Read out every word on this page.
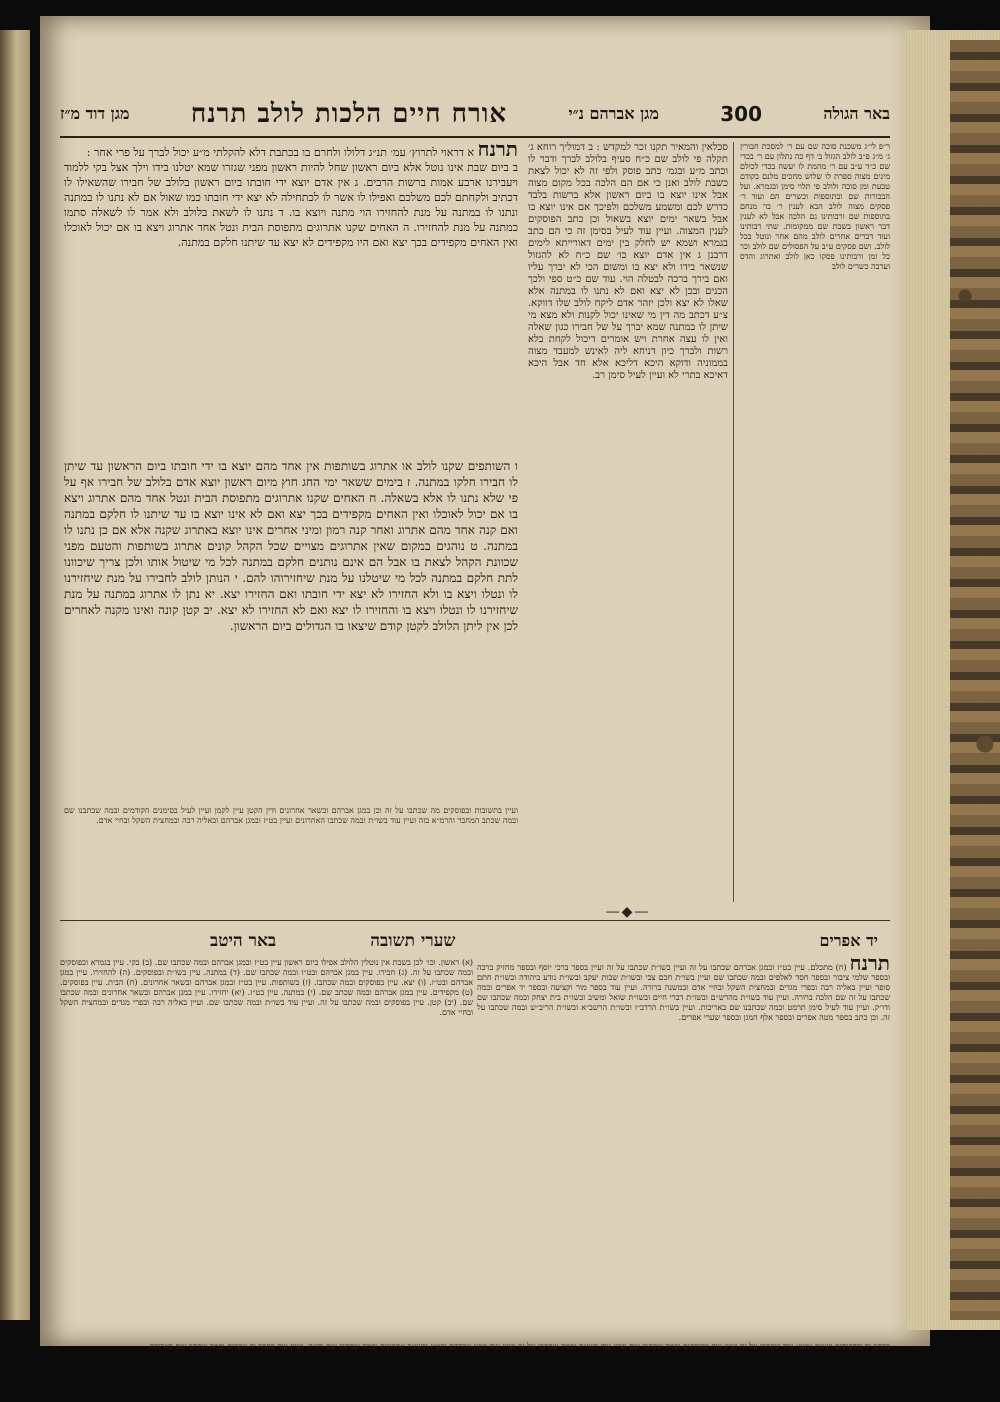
באר הגולה
300
מגן אברהם נ״י
אורח חיים הלכות לולב תרנח
מגן דוד מ״ז
ר״פ לי״ג משכנת סוכה שם עם ר׳ למסכת חבורין ג׳ מ״ג פ״ב לולב הגזול ב׳ דף כה נתלון עם ר׳ בכדי שם כ״ד ע״ב עם ר׳ מהמת לו יעשה בכדי לכולם מינים מצוה ספרת לו שלוש מחכים מלנם בקודם טבעת ומן סוכה ולולב פי תלוי סימן ובגמרא. ועל הבכורות שם ובתוספות וכשרים הם ועוד ר׳ פסקים מצוה לולב הבא לענין ר׳ בר מנחם בתוספות שם ורבותינו גם הלכה אבל לא לענין דבר ראשון בשבת שם ממקומות. שתי רבותינו ועוד דברים אחרים לולב מהם אחר ונוטל בכל לולב. ושם פסקים ע״ב על הפסולים שם לולב וכר כל זמן ורבותינו פסקו כאן לולב ואתרוג והדס וערבה כשרים לולב
סכלאין והמאיר תקנו זכר למקדש : ב דמוליך רוחא ג׳ תקלה פי לולב שם כ״ח סעיף בלולב לברך ודבר לו וכתב מ״ע ובגמ׳ כתב פוסק ולפי זה לא יכול לצאת כשבת לולב ואנן כי אם הם הלכה בכל מקום מצוה אבל אינו יוצא בו ביום ראשון אלא ברשות בלבד כדרש לכם ומשמע משלכם ולפיכך אם אינו יוצא בו אבל בשאר ימים יוצא בשאול וכן כתב הפוסקים לענין המצוה. ועיין עוד לעיל בסימן זה כי הם כתב בגמרא ושמא יש לחלק בין ימים דאורייתא לימים דרבנן ג אין אדם יוצא כו׳ שם כ״ח לא להגזול שנשאר בידו ולא יצא בו ומשום הכי לא יברך עליו ואם בירך ברכה לבטלה הוי. עוד שם כ״ט ספי ולכך הכנים ובכן לא יצא ואם לא נתנו לו במתנה אלא שאלו לא יצא ולכן יזהר אדם ליקח לולב שלו דווקא. צ״ע דכתב מה דין מי שאינו יכול לקנות ולא מצא מי שיתן לו במתנה שמא יברך על של חבירו כגון שאלה ואין לו עצה אחרת ויש אומרים דיכול לקחת בלא רשות ולברך כיון דניחא ליה לאינש למעבד מצוה בממוניה ודוקא היכא דליכא אלא חד אבל היכא דאיכא בתרי לא ועיין לעיל סימן רב.
תרנח א דראוי לתרוץ׳ עמ׳ תנ״ג דלולו ולחרם בו בכתבת דלא להקלתי מ״ע יכול לברך על פרי אחר :
ב ביום שבת אינו נוטל אלא ביום ראשון שחל להיות ראשון מפני שגזרו שמא יטלנו בידו וילך אצל בקי ללמוד ויעבירנו ארבע אמות ברשות הרבים. ג אין אדם יוצא ידי חובתו ביום ראשון בלולב של חבירו שהשאילו לו דכתיב ולקחתם לכם משלכם ואפילו לו אשר לו לכתחילה לא יצא ידי חובתו כמו שאול אם לא נתנו לו במתנה ונתנו לו במתנה על מנת להחזירו הוי מתנה ויוצא בו. ד נתנו לו לשאת בלולב ולא אמר לו לשאלה סתמו כמתנה על מנת להחזירו. ה האחים שקנו אתרוגים מתפוסת הבית ונטל אחד אתרוג ויצא בו אם יכול לאוכלו ואין האחים מקפידים בכך יצא ואם היו מקפידים לא יצא עד שיתנו חלקם במתנה.
ו השותפים שקנו לולב או אתרוג בשותפות אין אחד מהם יוצא בו ידי חובתו ביום הראשון עד שיתן לו חבירו חלקו במתנה. ז בימים ששאר ימי החג חוץ מיום ראשון יוצא אדם בלולב של חבירו אף על פי שלא נתנו לו אלא בשאלה. ח האחים שקנו אתרוגים מתפוסת הבית ונטל אחד מהם אתרוג ויצא בו אם יכול לאוכלו ואין האחים מקפידים בכך יצא ואם לא אינו יוצא בו עד שיתנו לו חלקם במתנה ואם קנה אחד מהם אתרוג ואחר קנה רמון ומיני אחרים אינו יוצא באתרוג שקנה אלא אם כן נתנו לו במתנה. ט נוהגים במקום שאין אתרוגים מצויים שכל הקהל קונים אתרוג בשותפות והטעם מפני שכוונת הקהל לצאת בו אבל הם אינם נותנים חלקם במתנה לכל מי שיטול אותו ולכן צריך שיכוונו לתת חלקם במתנה לכל מי שיטלנו על מנת שיחזירוהו להם. י הנותן לולב לחבירו על מנת שיחזירנו לו ונטלו ויצא בו ולא החזירו לא יצא ידי חובתו ואם החזירו יצא. יא נתן לו אתרוג במתנה על מנת שיחזירנו לו ונטלו ויצא בו והחזירו לו יצא ואם לא החזירו לא יצא. יב קטן קונה ואינו מקנה לאחרים לכן אין ליתן הלולב לקטן קודם שיצאו בו הגדולים ביום הראשון.
ועיין בתשובות ובפוסקים מה שכתבו על זה וכן במגן אברהם ובשאר אחרונים ודין הקטן עיין לקמן ועיין לעיל בסימנים הקודמים ובמה שכתבנו שם ובמה שכתב המחבר והרמ״א בזה ועיין עוד בשו״ת ובמה שכתבו האחרונים ועיין בט״ז ובמגן אברהם ובאליה רבה ובמחצית השקל ובחיי אדם.
—◆—
יד אפרים
שערי תשובה
באר היטב
תרנח (ח) מתכלם. עיין בט״ז ובמגן אברהם שכתבו על זה ועיין בשו״ת שכתבו על זה ועיין בספר ברכי יוסף ובספר מחזיק ברכה ובספר שלמי ציבור ובספר חסד לאלפים ובמה שכתבו שם ועיין בשו״ת חכם צבי ובשו״ת שבות יעקב ובשו״ת נודע ביהודה ובשו״ת חתם סופר ועיין באליה רבה ובפרי מגדים ובמחצית השקל ובחיי אדם ובמשנה ברורה. ועיין עוד בספר מור וקציעה ובספר יד אפרים ובמה שכתבו על זה שם הלכה ברורה. ועיין עוד בשו״ת מהרש״ם ובשו״ת דברי חיים ובשו״ת שואל ומשיב ובשו״ת בית יצחק ובמה שכתבו שם ודו״ק. ועיין עוד לעיל סימן תרמט ובמה שכתבנו שם באריכות. ועיין בשו״ת הרדב״ז ובשו״ת הרשב״א ובשו״ת הריב״ש ובמה שכתבו על זה. וכן כתב בספר מטה אפרים ובספר אלף המגן ובספר שערי אפרים.
(א) ראשון. וכו׳ לכן בשבת אין נוטלין הלולב אפילו ביום ראשון עיין בט״ז ובמגן אברהם ובמה שכתבו שם. (ב) בקי. עיין בגמרא ובפוסקים ובמה שכתבו על זה. (ג) חבירו. עיין במגן אברהם ובט״ז ובמה שכתבו שם. (ד) במתנה. עיין בשו״ת ובפוסקים. (ה) להחזירו. עיין במגן אברהם ובט״ז. (ו) יצא. עיין בפוסקים ובמה שכתבו. (ז) בשותפות. עיין בט״ז ובמגן אברהם ובשאר אחרונים. (ח) הבית. עיין בפוסקים. (ט) מקפידים. עיין במגן אברהם ובמה שכתב שם. (י) במתנה. עיין בט״ז. (יא) יחזירו. עיין במגן אברהם ובשאר אחרונים ובמה שכתבו שם. (יב) קטן. עיין בפוסקים ובמה שכתבו על זה. ועיין עוד בשו״ת ובמה שכתבו שם. ועיין באליה רבה ובפרי מגדים ובמחצית השקל ובחיי אדם.
בכתב יד ובדפוסים ישנים נמצא עוד שכתבו על זה ועיין עוד בפוסקים ובמה שכתבו שם ועיין עוד בשו״ת ובמה שכתבו על זה ועיין עוד במגן אברהם ובט״ז ובשאר אחרונים ובמה שכתבו שם ודו״ק. ועיין עוד בספר יד אפרים ובמה שכתב שם בארוכה.
